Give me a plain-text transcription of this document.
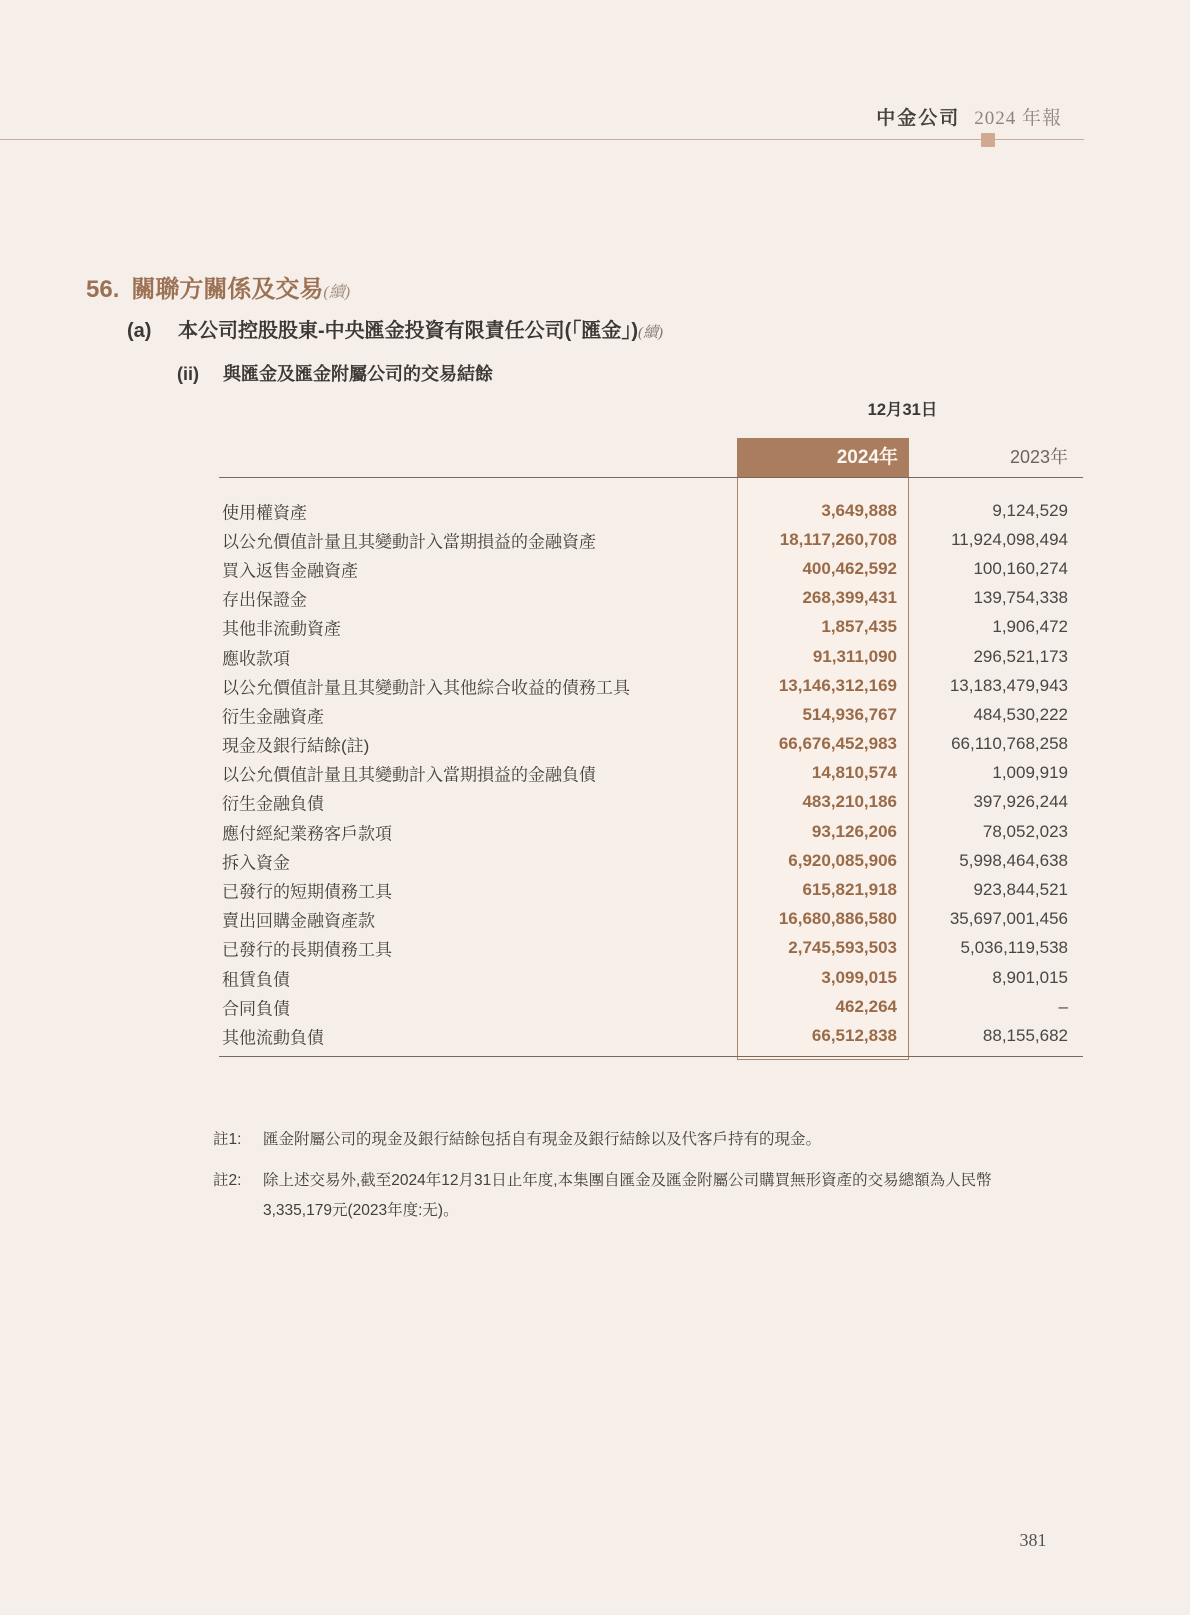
中金公司 2024 年報
56. 關聯方關係及交易(續)
(a) 本公司控股股東-中央匯金投資有限責任公司(「匯金」)(續)
(ii) 與匯金及匯金附屬公司的交易結餘
12月31日
2024年	2023年
使用權資產	3,649,888	9,124,529
以公允價值計量且其變動計入當期損益的金融資產	18,117,260,708	11,924,098,494
買入返售金融資產	400,462,592	100,160,274
存出保證金	268,399,431	139,754,338
其他非流動資產	1,857,435	1,906,472
應收款項	91,311,090	296,521,173
以公允價值計量且其變動計入其他綜合收益的債務工具	13,146,312,169	13,183,479,943
衍生金融資產	514,936,767	484,530,222
現金及銀行結餘(註)	66,676,452,983	66,110,768,258
以公允價值計量且其變動計入當期損益的金融負債	14,810,574	1,009,919
衍生金融負債	483,210,186	397,926,244
應付經紀業務客戶款項	93,126,206	78,052,023
拆入資金	6,920,085,906	5,998,464,638
已發行的短期債務工具	615,821,918	923,844,521
賣出回購金融資產款	16,680,886,580	35,697,001,456
已發行的長期債務工具	2,745,593,503	5,036,119,538
租賃負債	3,099,015	8,901,015
合同負債	462,264	–
其他流動負債	66,512,838	88,155,682
註1:	匯金附屬公司的現金及銀行結餘包括自有現金及銀行結餘以及代客戶持有的現金。
註2:	除上述交易外,截至2024年12月31日止年度,本集團自匯金及匯金附屬公司購買無形資產的交易總額為人民幣3,335,179元(2023年度:无)。
381
